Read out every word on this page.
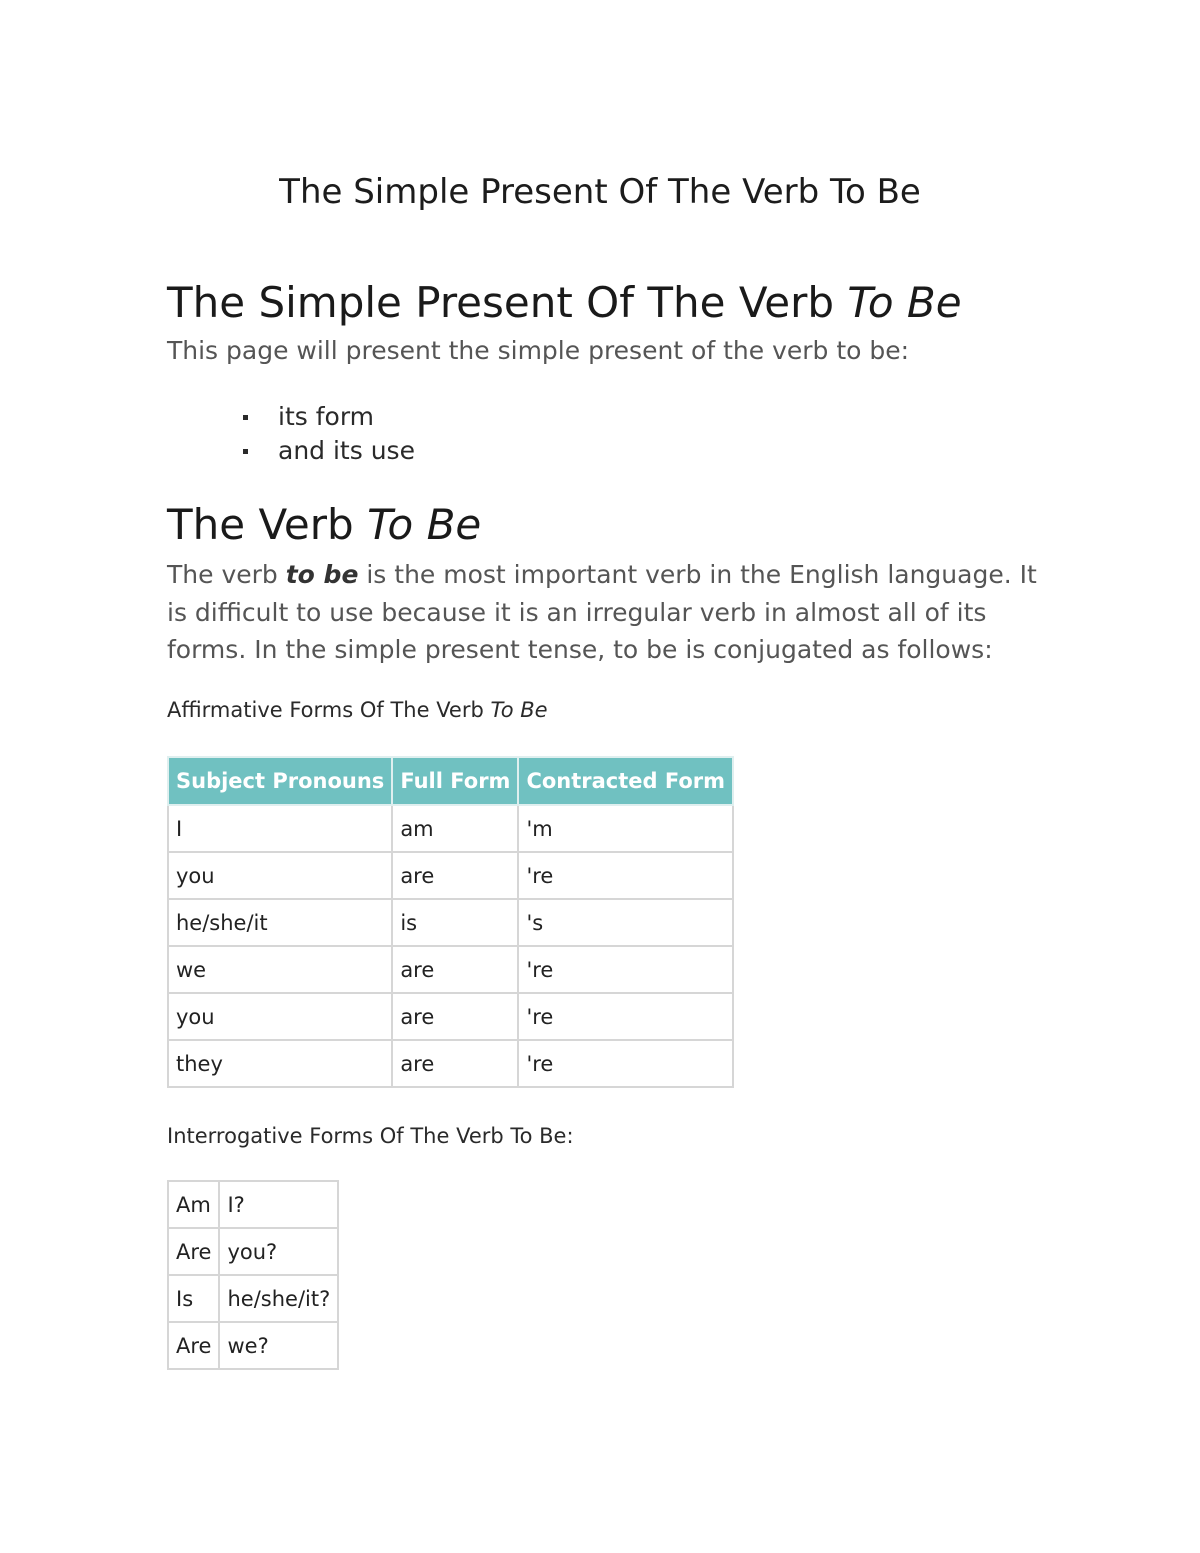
The Simple Present Of The Verb To Be
The Simple Present Of The Verb To Be

This page will present the simple present of the verb to be:

its form
and its use
The Verb To Be

The verb to be is the most important verb in the English language. It is difficult to use because it is an irregular verb in almost all of its forms. In the simple present tense, to be is conjugated as follows:

Affirmative Forms Of The Verb To Be

Subject Pronouns	Full Form	Contracted Form
I	am	'm
you	are	're
he/she/it	is	's
we	are	're
you	are	're
they	are	're

Interrogative Forms Of The Verb To Be:

Am	I?
Are	you?
Is	he/she/it?
Are	we?
